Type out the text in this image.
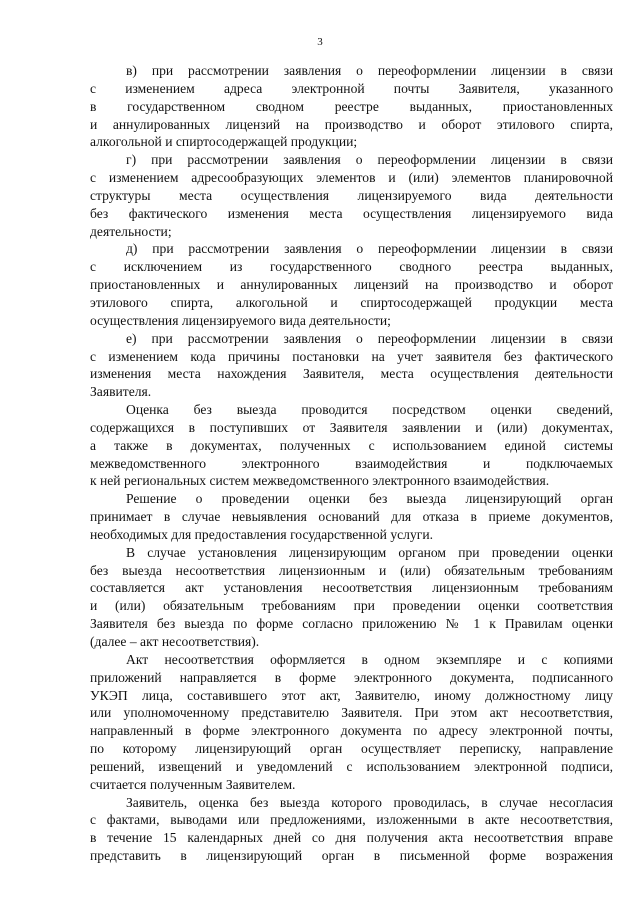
3
в) при рассмотрении заявления о переоформлении лицензии в связи
с изменением адреса электронной почты Заявителя, указанного
в государственном сводном реестре выданных, приостановленных
и аннулированных лицензий на производство и оборот этилового спирта,
алкогольной и спиртосодержащей продукции;
г) при рассмотрении заявления о переоформлении лицензии в связи
с изменением адресообразующих элементов и (или) элементов планировочной
структуры места осуществления лицензируемого вида деятельности
без фактического изменения места осуществления лицензируемого вида
деятельности;
д) при рассмотрении заявления о переоформлении лицензии в связи
с исключением из государственного сводного реестра выданных,
приостановленных и аннулированных лицензий на производство и оборот
этилового спирта, алкогольной и спиртосодержащей продукции места
осуществления лицензируемого вида деятельности;
е) при рассмотрении заявления о переоформлении лицензии в связи
с изменением кода причины постановки на учет заявителя без фактического
изменения места нахождения Заявителя, места осуществления деятельности
Заявителя.
Оценка без выезда проводится посредством оценки сведений,
содержащихся в поступивших от Заявителя заявлении и (или) документах,
а также в документах, полученных с использованием единой системы
межведомственного электронного взаимодействия и подключаемых
к ней региональных систем межведомственного электронного взаимодействия.
Решение о проведении оценки без выезда лицензирующий орган
принимает в случае невыявления оснований для отказа в приеме документов,
необходимых для предоставления государственной услуги.
В случае установления лицензирующим органом при проведении оценки
без выезда несоответствия лицензионным и (или) обязательным требованиям
составляется акт установления несоответствия лицензионным требованиям
и (или) обязательным требованиям при проведении оценки соответствия
Заявителя без выезда по форме согласно приложению № 1 к Правилам оценки
(далее – акт несоответствия).
Акт несоответствия оформляется в одном экземпляре и с копиями
приложений направляется в форме электронного документа, подписанного
УКЭП лица, составившего этот акт, Заявителю, иному должностному лицу
или уполномоченному представителю Заявителя. При этом акт несоответствия,
направленный в форме электронного документа по адресу электронной почты,
по которому лицензирующий орган осуществляет переписку, направление
решений, извещений и уведомлений с использованием электронной подписи,
считается полученным Заявителем.
Заявитель, оценка без выезда которого проводилась, в случае несогласия
с фактами, выводами или предложениями, изложенными в акте несоответствия,
в течение 15 календарных дней со дня получения акта несоответствия вправе
представить в лицензирующий орган в письменной форме возражения
